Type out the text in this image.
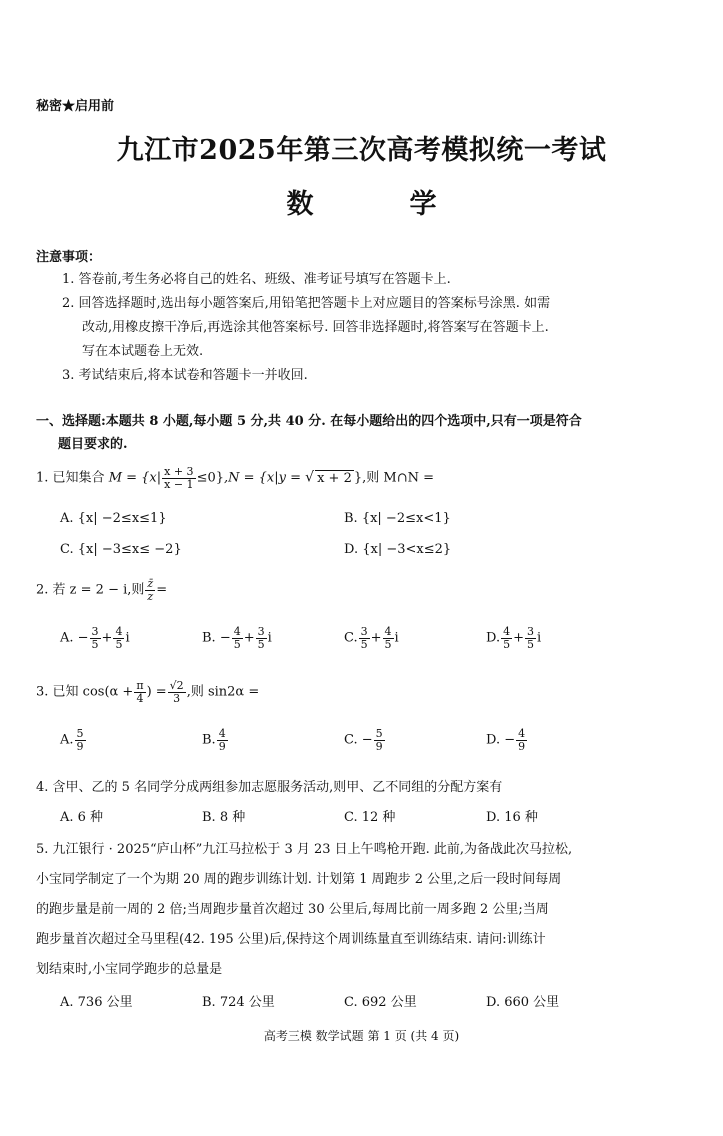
秘密★启用前
九江市2025年第三次高考模拟统一考试
数	学
注意事项：
1. 答卷前,考生务必将自己的姓名、班级、准考证号填写在答题卡上.
2. 回答选择题时,选出每小题答案后,用铅笔把答题卡上对应题目的答案标号涂黑. 如需
改动,用橡皮擦干净后,再选涂其他答案标号. 回答非选择题时,将答案写在答题卡上.
写在本试题卷上无效.
3. 考试结束后,将本试卷和答题卡一并收回.
一、选择题:本题共 8 小题,每小题 5 分,共 40 分. 在每小题给出的四个选项中,只有一项是符合
题目要求的.
1. 已知集合 $M = \{x| \frac{x + 3}{x - 1} \le 0\},N = \{x|y$ = √ x + 2 },则 M∩N =
A. {x| −2≤x≤1}	B. {x| −2≤x<1}
C. {x| −3≤x≤ −2}	D. {x| −3<x≤2}
2. 若 z = 2 − i,则 $\frac{z̄}{z}$ =
A. − $\frac{3}{5} + \frac{4}{5}$ i	B. − $\frac{4}{5} + \frac{3}{5}$ i	C. $\frac{3}{5} + \frac{4}{5}$ i	D. $\frac{4}{5} + \frac{3}{5}$ i
3. 已知 $\cos(\alpha + \frac{\pi}{4}$ ) = $\frac{√2}{3}$ ,则 sin2α =
A. $\frac{5}{9}$	B. $\frac{4}{9}$	C. − $\frac{5}{9}$	D. − $\frac{4}{9}$
4. 含甲、乙的 5 名同学分成两组参加志愿服务活动,则甲、乙不同组的分配方案有
A. 6 种	B. 8 种	C. 12 种	D. 16 种
5. 九江银行 · 2025“庐山杯”九江马拉松于 3 月 23 日上午鸣枪开跑. 此前,为备战此次马拉松,
小宝同学制定了一个为期 20 周的跑步训练计划. 计划第 1 周跑步 2 公里,之后一段时间每周
的跑步量是前一周的 2 倍;当周跑步量首次超过 30 公里后,每周比前一周多跑 2 公里;当周
跑步量首次超过全马里程(42. 195 公里)后,保持这个周训练量直至训练结束. 请问:训练计
划结束时,小宝同学跑步的总量是
A. 736 公里	B. 724 公里	C. 692 公里	D. 660 公里
高考三模 数学试题 第 1 页 (共 4 页)
